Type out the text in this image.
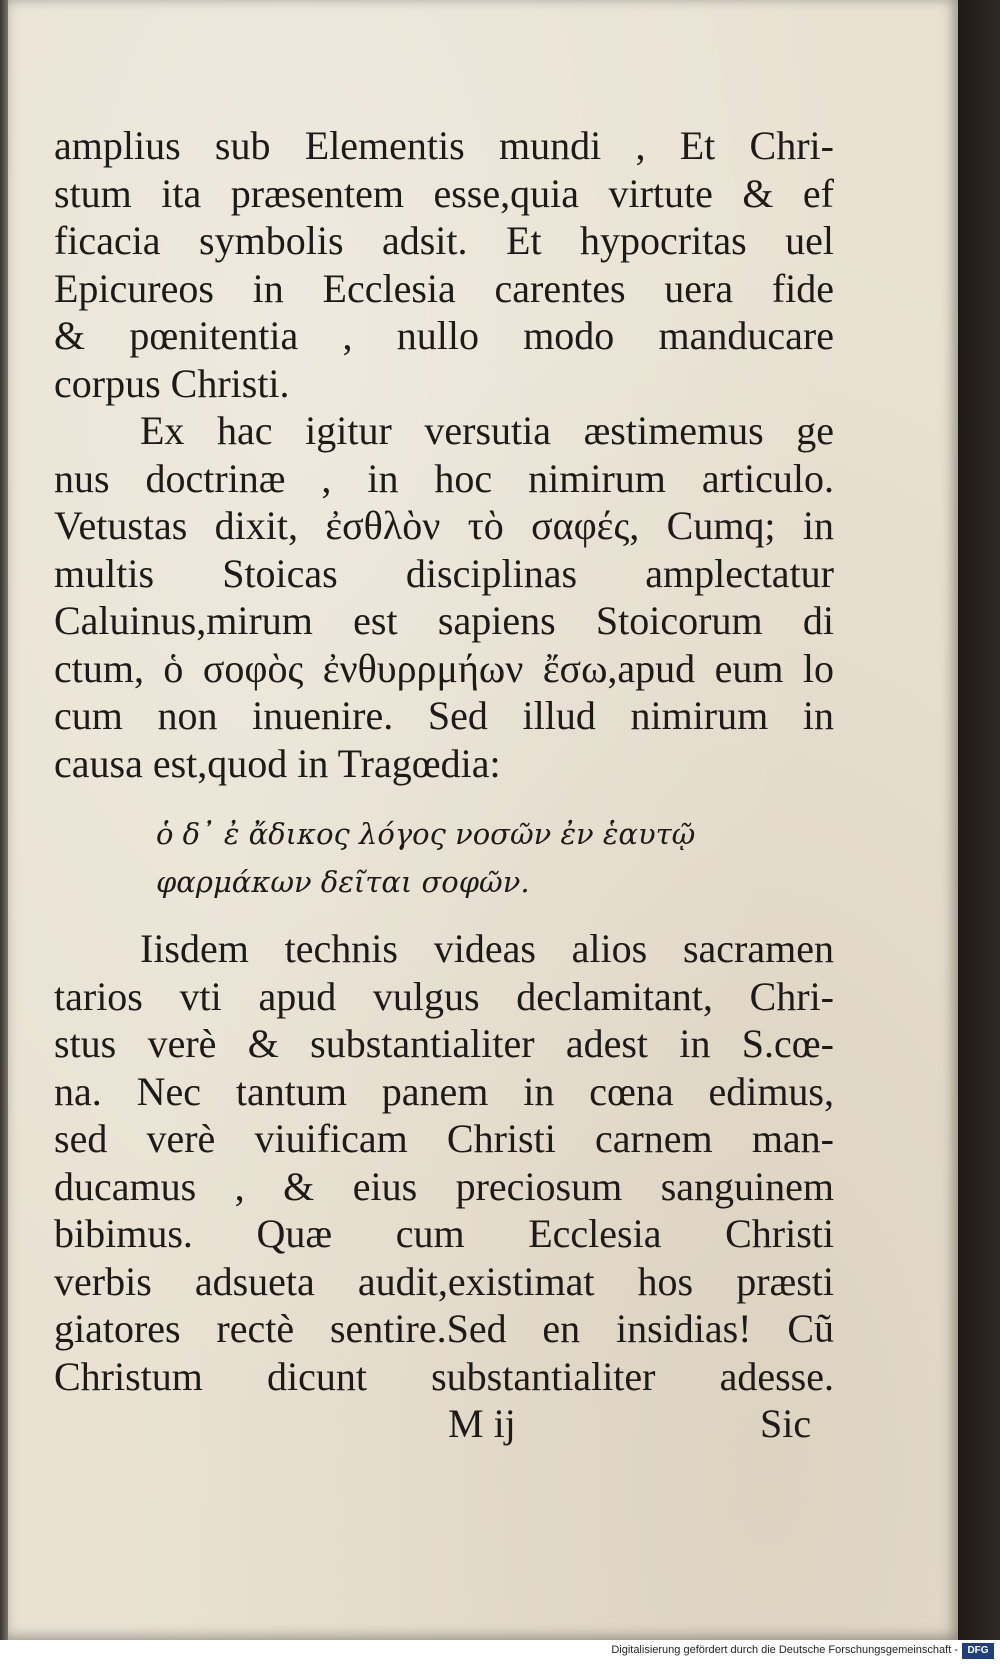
amplius sub Elementis mundi , Et Chri-
stum ita præsentem esse,quia virtute & ef
ficacia symbolis adsit. Et hypocritas uel
Epicureos in Ecclesia carentes uera fide
& pœnitentia , nullo modo manducare
corpus Christi.
Ex hac igitur versutia æstimemus ge
nus doctrinæ , in hoc nimirum articulo.
Vetustas dixit, ἐσθλὸν τὸ σαφές, Cumq; in
multis Stoicas disciplinas amplectatur
Caluinus,mirum est sapiens Stoicorum di
ctum, ὁ σοφὸς ἐνθυρρμήων ἔσω,apud eum lo
cum non inuenire. Sed illud nimirum in
causa est,quod in Tragœdia:
ὁ δ᾽ ἐ ἄδικος λόγος νοσῶν ἐν ἑαυτῷ
φαρμάκων δεῖται σοφῶν.
Iisdem technis videas alios sacramen
tarios vti apud vulgus declamitant, Chri-
stus verè & substantialiter adest in S.cœ-
na. Nec tantum panem in cœna edimus,
sed verè viuificam Christi carnem man-
ducamus , & eius preciosum sanguinem
bibimus. Quæ cum Ecclesia Christi
verbis adsueta audit,existimat hos præsti
giatores rectè sentire.Sed en insidias! Cũ
Christum dicunt substantialiter adesse.
M ij	Sic
Digitalisierung gefördert durch die Deutsche Forschungsgemeinschaft - DFG
